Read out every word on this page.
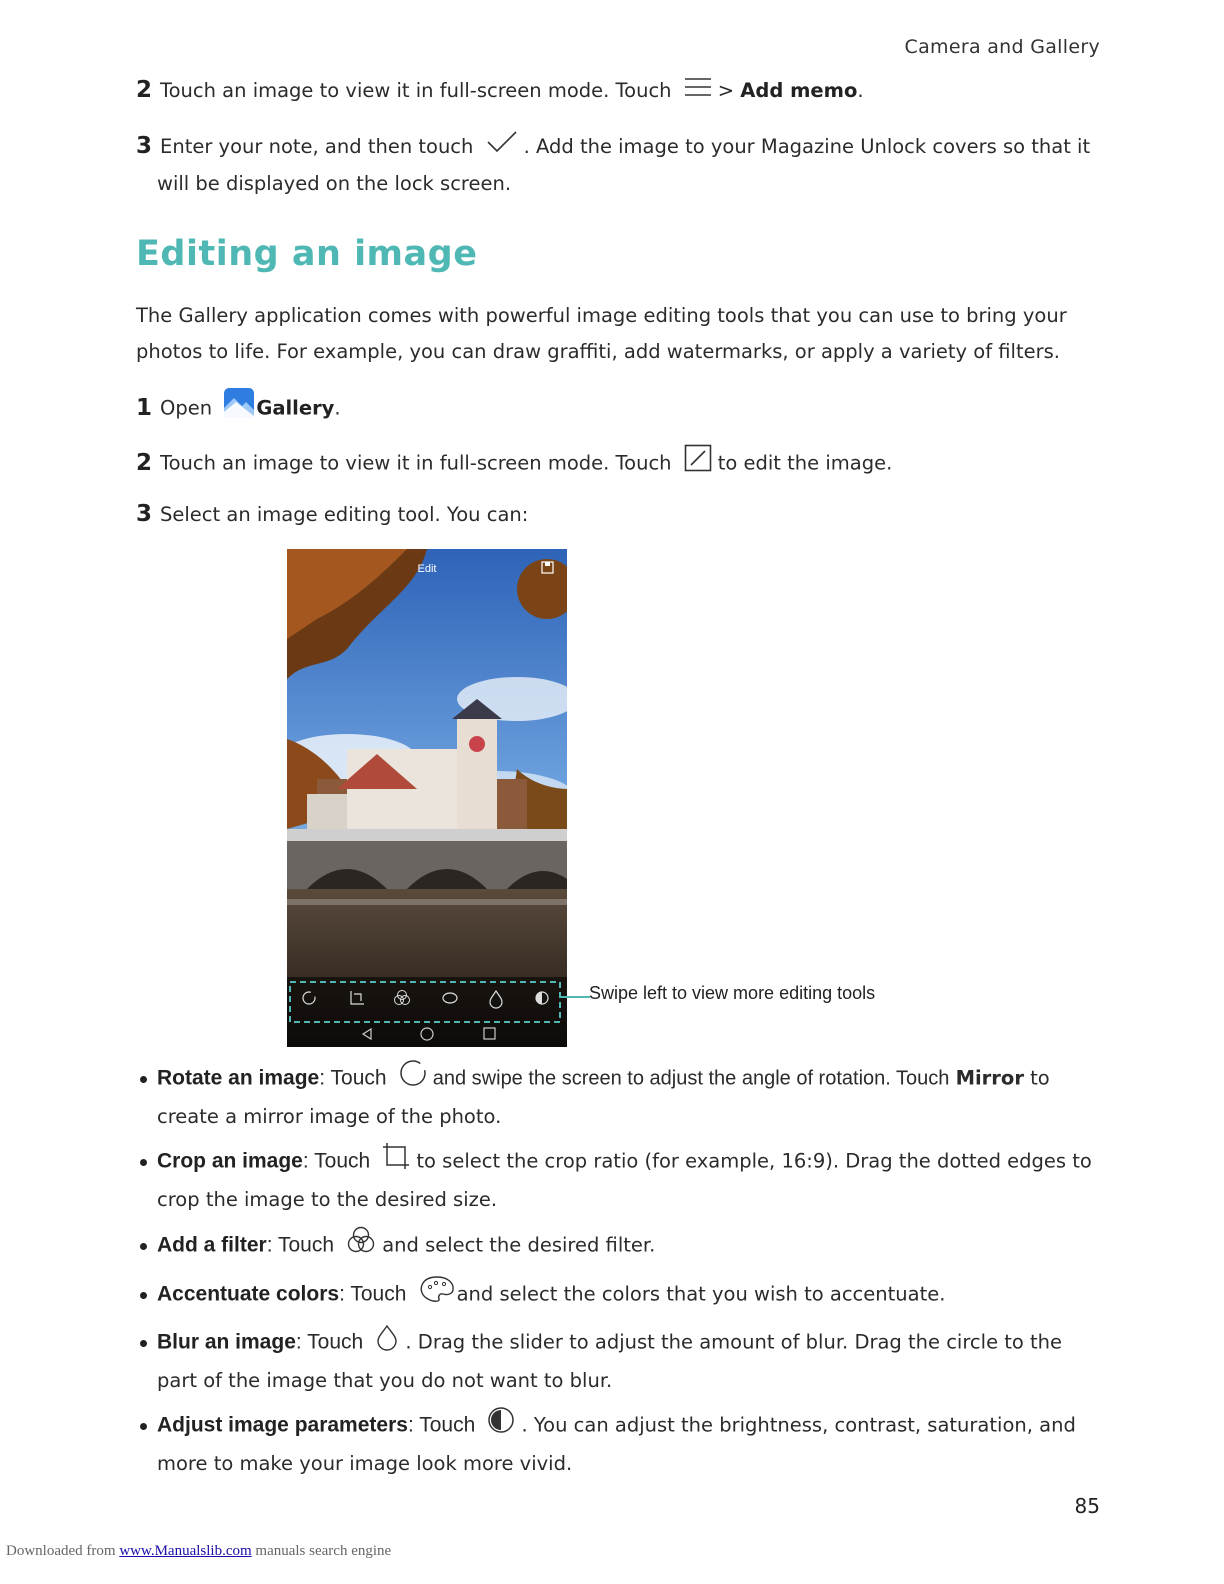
Camera and Gallery
2 Touch an image to view it in full-screen mode. Touch > Add memo.
3 Enter your note, and then touch	. Add the image to your Magazine Unlock covers so that it
will be displayed on the lock screen.
Editing an image
The Gallery application comes with powerful image editing tools that you can use to bring your photos to life. For example, you can draw graffiti, add watermarks, or apply a variety of filters.
1 Open Gallery.
2 Touch an image to view it in full-screen mode. Touch to edit the image.
3 Select an image editing tool. You can:
Edit
Swipe left to view more editing tools
Rotate an image: Touch and swipe the screen to adjust the angle of rotation. Touch Mirror to
create a mirror image of the photo.
Crop an image: Touch to select the crop ratio (for example, 16:9). Drag the dotted edges to
crop the image to the desired size.
Add a filter: Touch and select the desired filter.
Accentuate colors: Touch	and select the colors that you wish to accentuate.
Blur an image: Touch . Drag the slider to adjust the amount of blur. Drag the circle to the
part of the image that you do not want to blur.
Adjust image parameters: Touch . You can adjust the brightness, contrast, saturation, and
more to make your image look more vivid.
85
Downloaded from www.Manualslib.com manuals search engine
